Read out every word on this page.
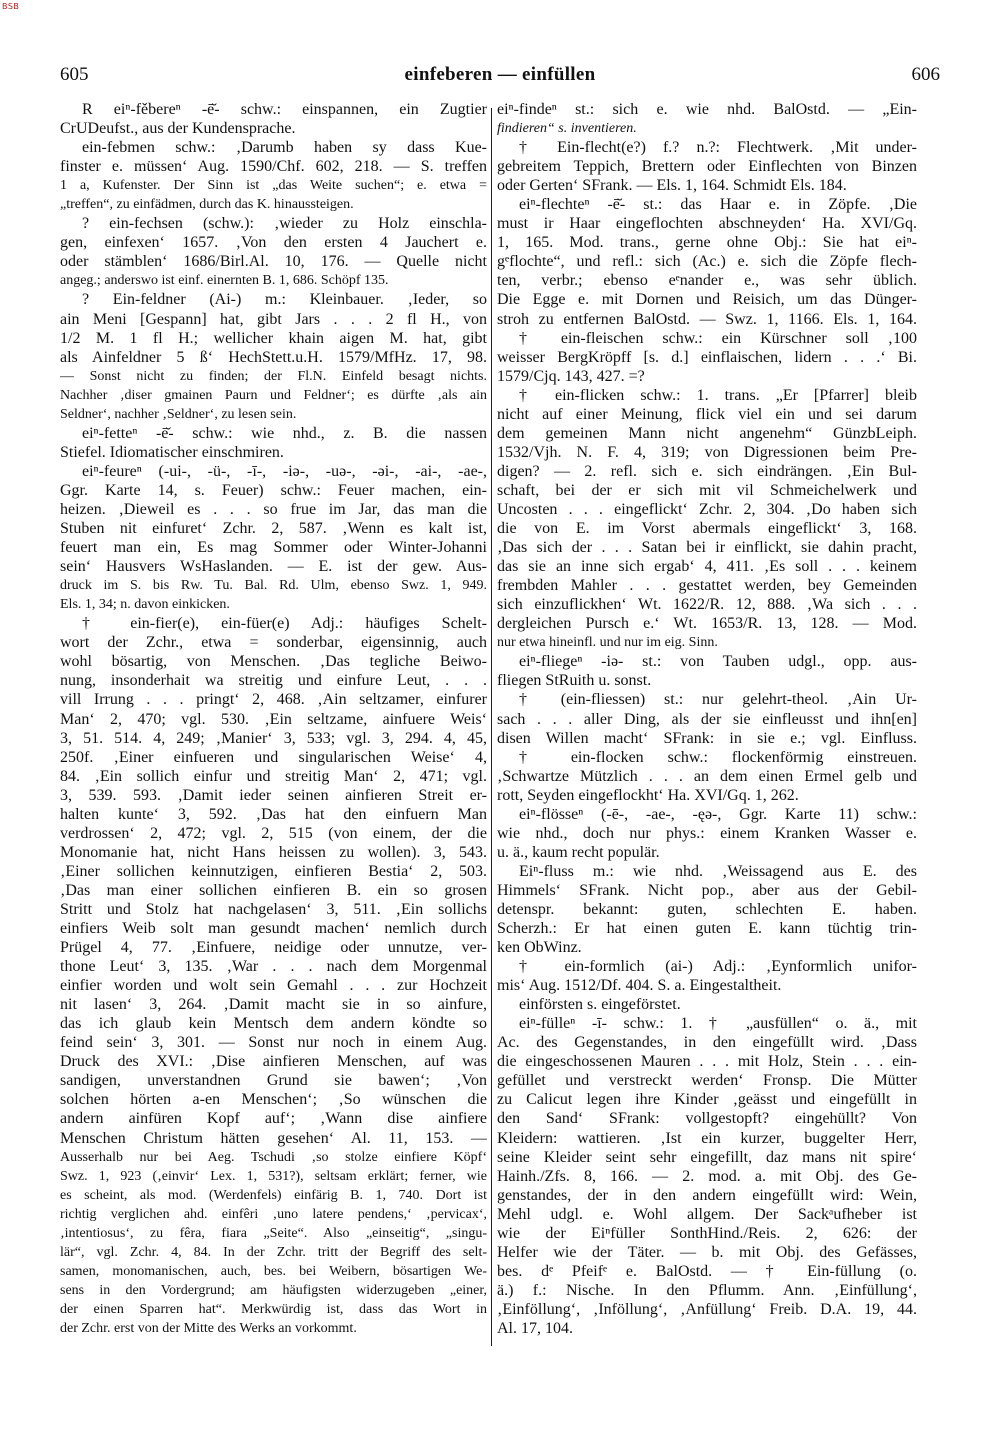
BSB
605	einfeberen — einfüllen	606
R eiⁿ-fěbereⁿ -ē̆- schw.: einspannen, ein Zugtier
CrUDeufst., aus der Kundensprache.
ein-febmen schw.: ‚Darumb haben sy dass Kue-
finster e. müssen‘ Aug. 1590/Chf. 602, 218. — S. treffen
1 a, Kufenster. Der Sinn ist „das Weite suchen“; e. etwa =
„treffen“, zu einfädmen, durch das K. hinaussteigen.
? ein-fechsen (schw.): ‚wieder zu Holz einschla-
gen, einfexen‘ 1657. ‚Von den ersten 4 Jauchert e.
oder stämblen‘ 1686/Birl.Al. 10, 176. — Quelle nicht
angeg.; anderswo ist einf. einernten B. 1, 686. Schöpf 135.
? Ein-feldner (Ai-) m.: Kleinbauer. ‚Ieder, so
ain Meni [Gespann] hat, gibt Jars . . . 2 fl H., von
1/2 M. 1 fl H.; wellicher khain aigen M. hat, gibt
als Ainfeldner 5 ß‘ HechStett.u.H. 1579/MfHz. 17, 98.
— Sonst nicht zu finden; der Fl.N. Einfeld besagt nichts.
Nachher ‚diser gmainen Paurn und Feldner‘; es dürfte ‚als ain
Seldner‘, nachher ‚Seldner‘, zu lesen sein.
eiⁿ-fetteⁿ -ē̆- schw.: wie nhd., z. B. die nassen
Stiefel. Idiomatischer einschmiren.
eiⁿ-feureⁿ (-ui-, -ü-, -ī-, -iə-, -uə-, -əi-, -ai-, -ae-,
Ggr. Karte 14, s. Feuer) schw.: Feuer machen, ein-
heizen. ‚Dieweil es . . . so frue im Jar, das man die
Stuben nit einfuret‘ Zchr. 2, 587. ‚Wenn es kalt ist,
feuert man ein, Es mag Sommer oder Winter-Johanni
sein‘ Hausvers WsHaslanden. — E. ist der gew. Aus-
druck im S. bis Rw. Tu. Bal. Rd. Ulm, ebenso Swz. 1, 949.
Els. 1, 34; n. davon einkicken.
† ein-fier(e), ein-füer(e) Adj.: häufiges Schelt-
wort der Zchr., etwa = sonderbar, eigensinnig, auch
wohl bösartig, von Menschen. ‚Das tegliche Beiwo-
nung, insonderhait wa streitig und einfure Leut, . . .
vill Irrung . . . pringt‘ 2, 468. ‚Ain seltzamer, einfurer
Man‘ 2, 470; vgl. 530. ‚Ein seltzame, ainfuere Weis‘
3, 51. 514. 4, 249; ‚Manier‘ 3, 533; vgl. 3, 294. 4, 45,
250f. ‚Einer einfueren und singularischen Weise‘ 4,
84. ‚Ein sollich einfur und streitig Man‘ 2, 471; vgl.
3, 539. 593. ‚Damit ieder seinen ainfieren Streit er-
halten kunte‘ 3, 592. ‚Das hat den einfuern Man
verdrossen‘ 2, 472; vgl. 2, 515 (von einem, der die
Monomanie hat, nicht Hans heissen zu wollen). 3, 543.
‚Einer sollichen keinnutzigen, einfieren Bestia‘ 2, 503.
‚Das man einer sollichen einfieren B. ein so grosen
Stritt und Stolz hat nachgelasen‘ 3, 511. ‚Ein sollichs
einfiers Weib solt man gesundt machen‘ nemlich durch
Prügel 4, 77. ‚Einfuere, neidige oder unnutze, ver-
thone Leut‘ 3, 135. ‚War . . . nach dem Morgenmal
einfier worden und wolt sein Gemahl . . . zur Hochzeit
nit lasen‘ 3, 264. ‚Damit macht sie in so ainfure,
das ich glaub kein Mentsch dem andern köndte so
feind sein‘ 3, 301. — Sonst nur noch in einem Aug.
Druck des XVI.: ‚Dise ainfieren Menschen, auf was
sandigen, unverstandnen Grund sie bawen‘; ‚Von
solchen hörten a-en Menschen‘; ‚So wünschen die
andern ainfüren Kopf auf‘; ‚Wann dise ainfiere
Menschen Christum hätten gesehen‘ Al. 11, 153. —
Ausserhalb nur bei Aeg. Tschudi ‚so stolze einfiere Köpf‘
Swz. 1, 923 (‚einvir‘ Lex. 1, 531?), seltsam erklärt; ferner, wie
es scheint, als mod. (Werdenfels) einfärig B. 1, 740. Dort ist
richtig verglichen ahd. einfêri ‚uno latere pendens,‘ ‚pervicax‘,
‚intentiosus‘, zu fêra, fiara „Seite“. Also „einseitig“, „singu-
lär“, vgl. Zchr. 4, 84. In der Zchr. tritt der Begriff des selt-
samen, monomanischen, auch, bes. bei Weibern, bösartigen We-
sens in den Vordergrund; am häufigsten widerzugeben „einer,
der einen Sparren hat“. Merkwürdig ist, dass das Wort in
der Zchr. erst von der Mitte des Werks an vorkommt.
eiⁿ-findeⁿ st.: sich e. wie nhd. BalOstd. — „Ein-
findieren“ s. inventieren.
† Ein-flecht(e?) f.? n.?: Flechtwerk. ‚Mit under-
gebreitem Teppich, Brettern oder Einflechten von Binzen
oder Gerten‘ SFrank. — Els. 1, 164. Schmidt Els. 184.
eiⁿ-flechteⁿ -ē̆- st.: das Haar e. in Zöpfe. ‚Die
must ir Haar eingeflochten abschneyden‘ Ha. XVI/Gq.
1, 165. Mod. trans., gerne ohne Obj.: Sie hat eiⁿ-
gᵉflochte“, und refl.: sich (Ac.) e. sich die Zöpfe flech-
ten, verbr.; ebenso eᵉnander e., was sehr üblich.
Die Egge e. mit Dornen und Reisich, um das Dünger-
stroh zu entfernen BalOstd. — Swz. 1, 1166. Els. 1, 164.
† ein-fleischen schw.: ein Kürschner soll ‚100
weisser BergKröpff [s. d.] einflaischen, lidern . . .‘ Bi.
1579/Cjq. 143, 427. =?
† ein-flicken schw.: 1. trans. „Er [Pfarrer] bleib
nicht auf einer Meinung, flick viel ein und sei darum
dem gemeinen Mann nicht angenehm“ GünzbLeiph.
1532/Vjh. N. F. 4, 319; von Digressionen beim Pre-
digen? — 2. refl. sich e. sich eindrängen. ‚Ein Bul-
schaft, bei der er sich mit vil Schmeichelwerk und
Uncosten . . . eingeflickt‘ Zchr. 2, 304. ‚Do haben sich
die von E. im Vorst abermals eingeflickt‘ 3, 168.
‚Das sich der . . . Satan bei ir einflickt, sie dahin pracht,
das sie an inne sich ergab‘ 4, 411. ‚Es soll . . . keinem
frembden Mahler . . . gestattet werden, bey Gemeinden
sich einzuflickhen‘ Wt. 1622/R. 12, 888. ‚Wa sich . . .
dergleichen Pursch e.‘ Wt. 1653/R. 13, 128. — Mod.
nur etwa hineinfl. und nur im eig. Sinn.
eiⁿ-fliegeⁿ -iə- st.: von Tauben udgl., opp. aus-
fliegen StRuith u. sonst.
† (ein-fliessen) st.: nur gelehrt-theol. ‚Ain Ur-
sach . . . aller Ding, als der sie einfleusst und ihn[en]
disen Willen macht‘ SFrank: in sie e.; vgl. Einfluss.
† ein-flocken schw.: flockenförmig einstreuen.
‚Schwartze Mützlich . . . an dem einen Ermel gelb und
rott, Seyden eingeflockht‘ Ha. XVI/Gq. 1, 262.
eiⁿ-flösseⁿ (-ē-, -ae-, -ęə-, Ggr. Karte 11) schw.:
wie nhd., doch nur phys.: einem Kranken Wasser e.
u. ä., kaum recht populär.
Eiⁿ-fluss m.: wie nhd. ‚Weissagend aus E. des
Himmels‘ SFrank. Nicht pop., aber aus der Gebil-
detenspr. bekannt: guten, schlechten E. haben.
Scherzh.: Er hat einen guten E. kann tüchtig trin-
ken ObWinz.
† ein-formlich (ai-) Adj.: ‚Eynformlich unifor-
mis‘ Aug. 1512/Df. 404. S. a. Eingestaltheit.
einförsten s. eingeförstet.
eiⁿ-fülleⁿ -ī- schw.: 1. † „ausfüllen“ o. ä., mit
Ac. des Gegenstandes, in den eingefüllt wird. ‚Dass
die eingeschossenen Mauren . . . mit Holz, Stein . . . ein-
gefüllet und verstreckt werden‘ Fronsp. Die Mütter
zu Calicut legen ihre Kinder ‚geässt und eingefüllt in
den Sand‘ SFrank: vollgestopft? eingehüllt? Von
Kleidern: wattieren. ‚Ist ein kurzer, buggelter Herr,
seine Kleider seint sehr eingefillt, daz mans nit spire‘
Hainh./Zfs. 8, 166. — 2. mod. a. mit Obj. des Ge-
genstandes, der in den andern eingefüllt wird: Wein,
Mehl udgl. e. Wohl allgem. Der Sackᵃufheber ist
wie der Eiⁿfüller SonthHind./Reis. 2, 626: der
Helfer wie der Täter. — b. mit Obj. des Gefässes,
bes. dᵉ Pfeifᵉ e. BalOstd. — † Ein-füllung (o.
ä.) f.: Nische. In den Pflumm. Ann. ‚Einfüllung‘,
‚Einföllung‘, ‚Inföllung‘, ‚Anfüllung‘ Freib. D.A. 19, 44.
Al. 17, 104.
